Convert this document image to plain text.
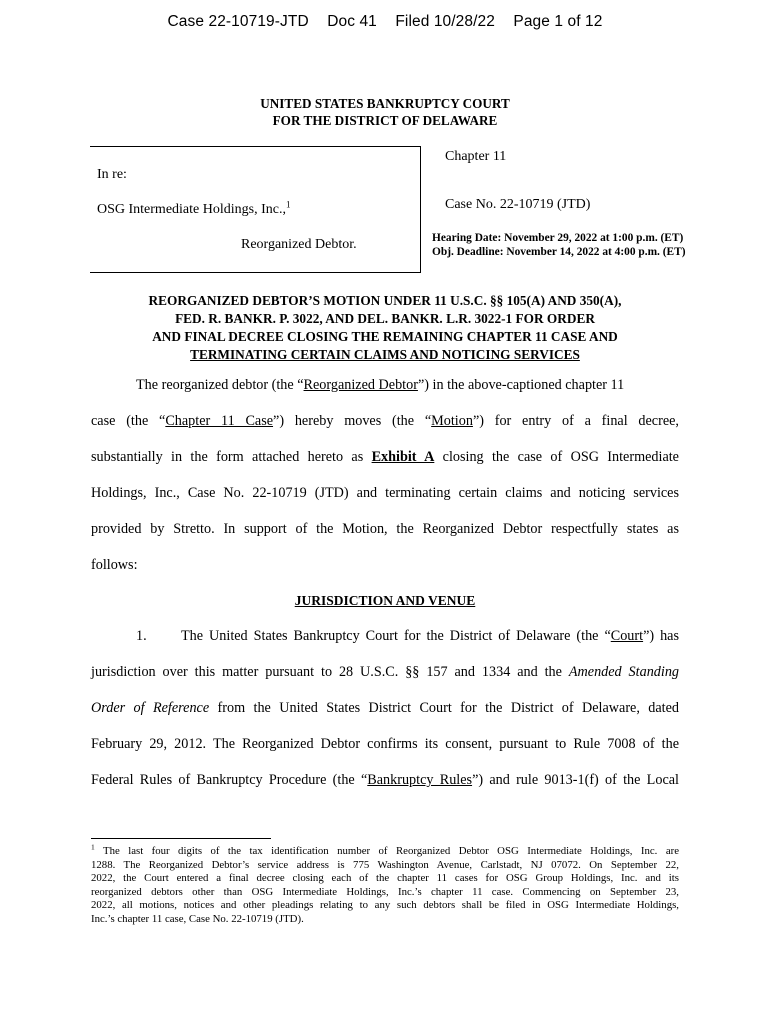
Case 22-10719-JTD Doc 41 Filed 10/28/22 Page 1 of 12
UNITED STATES BANKRUPTCY COURT
FOR THE DISTRICT OF DELAWARE
In re:
OSG Intermediate Holdings, Inc.,$^1$
Reorganized Debtor.
Chapter 11
Case No. 22-10719 (JTD)
Hearing Date: November 29, 2022 at 1:00 p.m. (ET)
Obj. Deadline: November 14, 2022 at 4:00 p.m. (ET)
REORGANIZED DEBTOR’S MOTION UNDER 11 U.S.C. §§ 105(A) AND 350(A),
FED. R. BANKR. P. 3022, AND DEL. BANKR. L.R. 3022-1 FOR ORDER
AND FINAL DECREE CLOSING THE REMAINING CHAPTER 11 CASE AND
TERMINATING CERTAIN CLAIMS AND NOTICING SERVICES
The reorganized debtor (the “Reorganized Debtor”) in the above-captioned chapter 11
case (the “Chapter 11 Case”) hereby moves (the “Motion”) for entry of a final decree,
substantially in the form attached hereto as Exhibit A closing the case of OSG Intermediate
Holdings, Inc., Case No. 22-10719 (JTD) and terminating certain claims and noticing services
provided by Stretto. In support of the Motion, the Reorganized Debtor respectfully states as
follows:
JURISDICTION AND VENUE
1.	The United States Bankruptcy Court for the District of Delaware (the “Court”) has
jurisdiction over this matter pursuant to 28 U.S.C. §§ 157 and 1334 and the Amended Standing
Order of Reference from the United States District Court for the District of Delaware, dated
February 29, 2012. The Reorganized Debtor confirms its consent, pursuant to Rule 7008 of the
Federal Rules of Bankruptcy Procedure (the “Bankruptcy Rules”) and rule 9013-1(f) of the Local
$^1$ The last four digits of the tax identification number of Reorganized Debtor OSG Intermediate Holdings, Inc. are
1288. The Reorganized Debtor’s service address is 775 Washington Avenue, Carlstadt, NJ 07072. On September 22,
2022, the Court entered a final decree closing each of the chapter 11 cases for OSG Group Holdings, Inc. and its
reorganized debtors other than OSG Intermediate Holdings, Inc.’s chapter 11 case. Commencing on September 23,
2022, all motions, notices and other pleadings relating to any such debtors shall be filed in OSG Intermediate Holdings,
Inc.’s chapter 11 case, Case No. 22-10719 (JTD).
